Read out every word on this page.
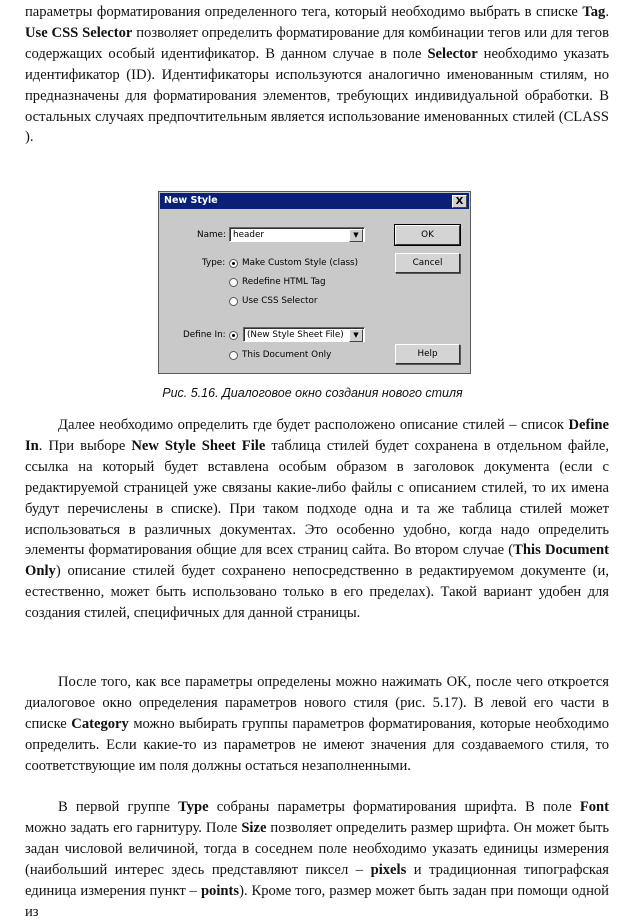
параметры форматирования определенного тега, который необходимо выбрать в списке Tag. Use CSS Selector позволяет определить форматирование для комбинации тегов или для тегов содержащих особый идентификатор. В данном случае в поле Selector необходимо указать идентификатор (ID). Идентификаторы используются аналогично именованным стилям, но предназначены для форматирования элементов, требующих индивидуальной обработки. В остальных случаях предпочтительным является использование именованных стилей (CLASS ).

New Style	X
Name: header	▼
Type: Make Custom Style (class)
Redefine HTML Tag
Use CSS Selector
Define In:	(New Style Sheet File)	▼
This Document Only
OK
Cancel
Help
Рис. 5.16. Диалоговое окно создания нового стиля

Далее необходимо определить где будет расположено описание стилей – список Define In. При выборе New Style Sheet File таблица стилей будет сохранена в отдельном файле, ссылка на который будет вставлена особым образом в заголовок документа (если с редактируемой страницей уже связаны какие-либо файлы с описанием стилей, то их имена будут перечислены в списке). При таком подходе одна и та же таблица стилей может использоваться в различных документах. Это особенно удобно, когда надо определить элементы форматирования общие для всех страниц сайта. Во втором случае (This Document Only) описание стилей будет сохранено непосредственно в редактируемом документе (и, естественно, может быть использовано только в его пределах). Такой вариант удобен для создания стилей, специфичных для данной страницы.

После того, как все параметры определены можно нажимать OK, после чего откроется диалоговое окно определения параметров нового стиля (рис. 5.17). В левой его части в списке Category можно выбирать группы параметров форматирования, которые необходимо определить. Если какие-то из параметров не имеют значения для создаваемого стиля, то соответствующие им поля должны остаться незаполненными.

В первой группе Type собраны параметры форматирования шрифта. В поле Font можно задать его гарнитуру. Поле Size позволяет определить размер шрифта. Он может быть задан числовой величиной, тогда в соседнем поле необходимо указать единицы измерения (наибольший интерес здесь представляют пиксел – pixels и традиционная типографская единица измерения пункт – points). Кроме того, размер может быть задан при помощи одной из
